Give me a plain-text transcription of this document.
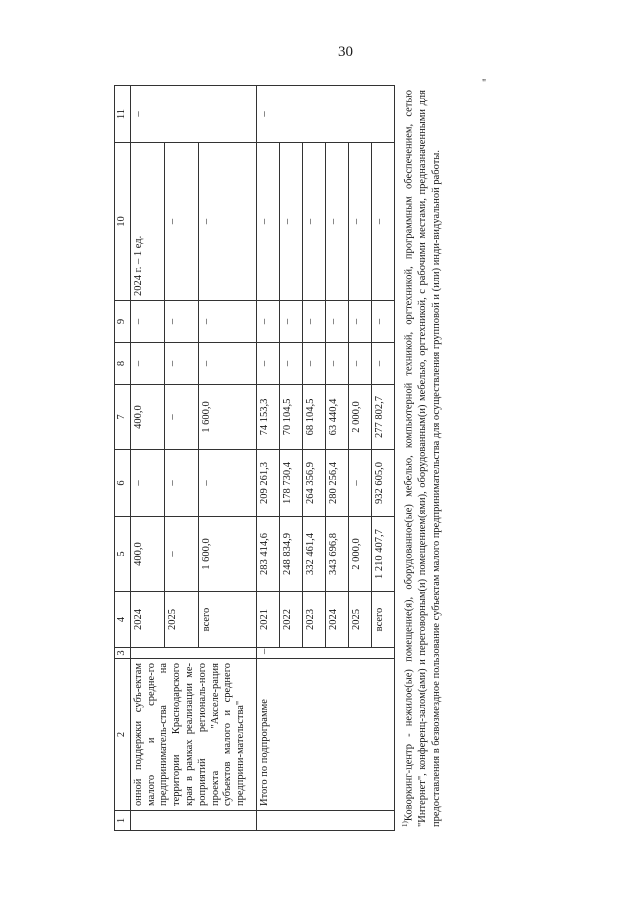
30
"
1	2	3	4	5	6	7	8	9	10	11
	онной поддержки субъ-ектам малого и средне-го предприниматель-ства на территории Краснодарского края в рамках реализации ме-роприятий региональ-ного проекта "Акселе-рация субъектов малого и среднего предприни-мательства"		2024	400,0	–	400,0	–	–	2024 г. – 1 ед.	–
			2025	–	–	–	–	–	–	
			всего	1 600,0	–	1 600,0	–	–	–	
	Итого по подпрограмме	–	2021	283 414,6	209 261,3	74 153,3	–	–	–	–
			2022	248 834,9	178 730,4	70 104,5	–	–	–	
			2023	332 461,4	264 356,9	68 104,5	–	–	–	
			2024	343 696,8	280 256,4	63 440,4	–	–	–	
			2025	2 000,0	–	2 000,0	–	–	–	
			всего	1 210 407,7	932 605,0	277 802,7	–	–	–	
$^{1)}$Коворкинг-центр - нежилое(ые) помещение(я), оборудованное(ые) мебелью, компьютерной техникой, оргтехникой, программным обеспечением, сетью "Интернет", конференц-залом(ами) и переговорным(и) помещением(ями), оборудованным(и) мебелью, оргтехникой, с рабочими местами, предназначенными для предоставления в безвозмездное пользование субъектам малого предпринимательства для осуществления групповой и (или) инди-видуальной работы.
